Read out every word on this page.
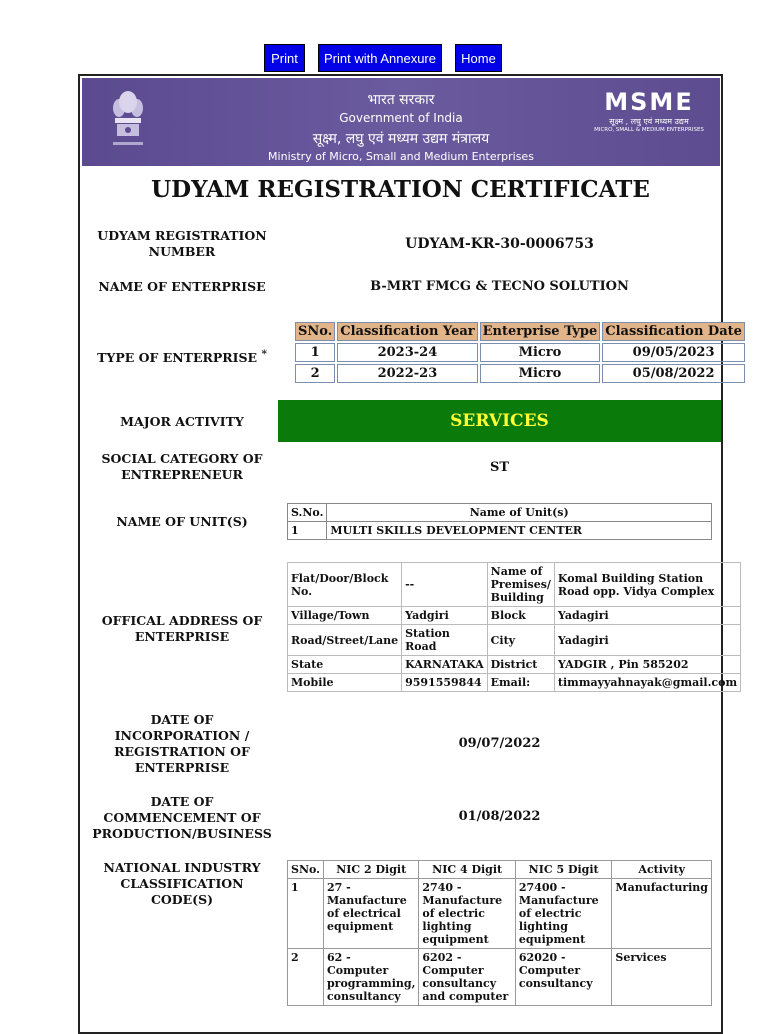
Print	Print with Annexure	Home
भारत सरकार
Government of India
सूक्ष्म, लघु एवं मध्यम उद्यम मंत्रालय
Ministry of Micro, Small and Medium Enterprises
MSME
सूक्ष्म , लघु एवं मध्यम उद्यम
MICRO, SMALL & MEDIUM ENTERPRISES
UDYAM REGISTRATION CERTIFICATE
UDYAM REGISTRATION NUMBER	UDYAM-KR-30-0006753
NAME OF ENTERPRISE	B-MRT FMCG & TECNO SOLUTION
TYPE OF ENTERPRISE *
SNo.	Classification Year	Enterprise Type	Classification Date
1	2023-24	Micro	09/05/2023
2	2022-23	Micro	05/08/2022
MAJOR ACTIVITY	SERVICES
SOCIAL CATEGORY OF ENTREPRENEUR	ST
NAME OF UNIT(S)
S.No.	Name of Unit(s)
1	MULTI SKILLS DEVELOPMENT CENTER
OFFICAL ADDRESS OF ENTERPRISE
Flat/Door/Block No.	--	Name of Premises/ Building	Komal Building Station Road opp. Vidya Complex
Village/Town	Yadgiri	Block	Yadagiri
Road/Street/Lane	Station Road	City	Yadagiri
State	KARNATAKA	District	YADGIR , Pin 585202
Mobile	9591559844	Email:	timmayyahnayak@gmail.com
DATE OF INCORPORATION / REGISTRATION OF ENTERPRISE
09/07/2022
DATE OF COMMENCEMENT OF PRODUCTION/BUSINESS
01/08/2022
NATIONAL INDUSTRY CLASSIFICATION CODE(S)
SNo.	NIC 2 Digit	NIC 4 Digit	NIC 5 Digit	Activity
1	27 - Manufacture of electrical equipment	2740 - Manufacture of electric lighting equipment	27400 - Manufacture of electric lighting equipment	Manufacturing
2	62 - Computer programming, consultancy	6202 - Computer consultancy and computer	62020 - Computer consultancy	Services
